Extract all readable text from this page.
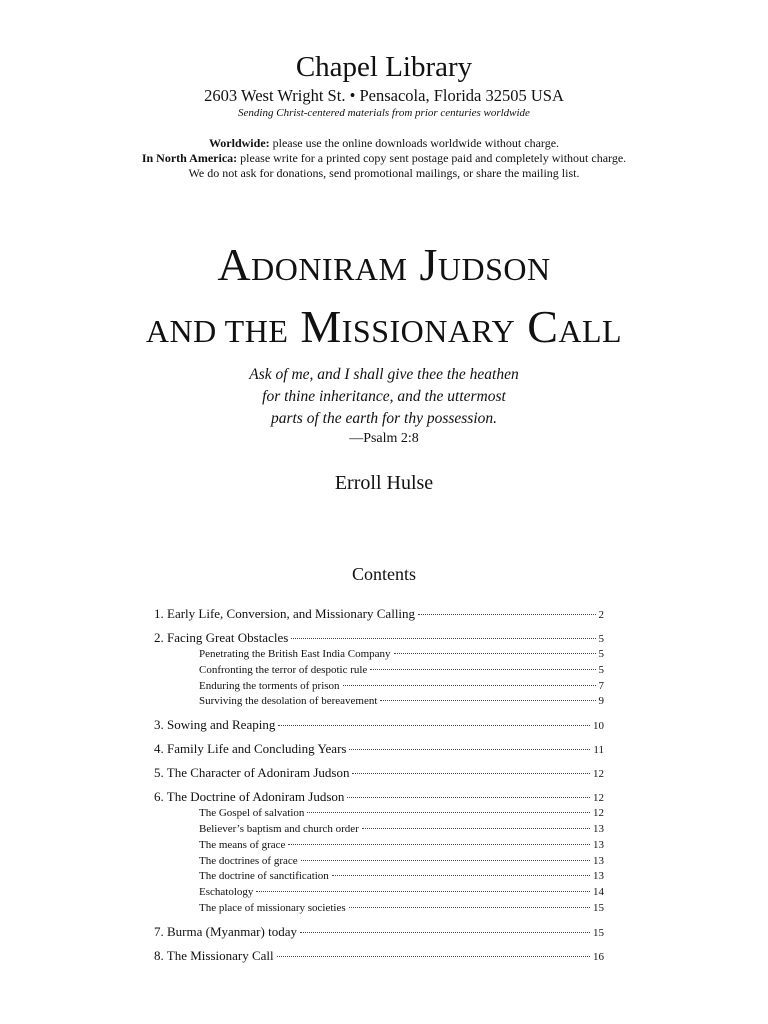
Chapel Library
2603 West Wright St. • Pensacola, Florida 32505 USA
Sending Christ-centered materials from prior centuries worldwide
Worldwide: please use the online downloads worldwide without charge.
In North America: please write for a printed copy sent postage paid and completely without charge.
We do not ask for donations, send promotional mailings, or share the mailing list.
ADONIRAM JUDSON
AND THE MISSIONARY CALL
Ask of me, and I shall give thee the heathen
for thine inheritance, and the uttermost
parts of the earth for thy possession.
—Psalm 2:8
Erroll Hulse
Contents
1. Early Life, Conversion, and Missionary Calling	2
2. Facing Great Obstacles	5
Penetrating the British East India Company	5
Confronting the terror of despotic rule	5
Enduring the torments of prison	7
Surviving the desolation of bereavement	9
3. Sowing and Reaping	10
4. Family Life and Concluding Years	11
5. The Character of Adoniram Judson	12
6. The Doctrine of Adoniram Judson	12
The Gospel of salvation	12
Believer’s baptism and church order	13
The means of grace	13
The doctrines of grace	13
The doctrine of sanctification	13
Eschatology	14
The place of missionary societies	15
7. Burma (Myanmar) today	15
8. The Missionary Call	16
